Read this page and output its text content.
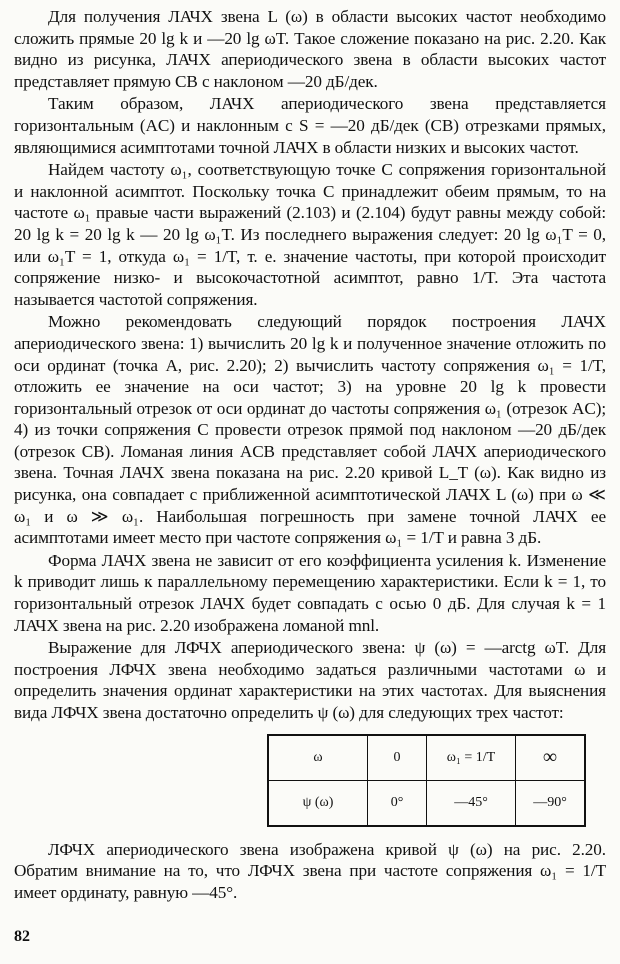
Для получения ЛАЧХ звена L (ω) в области высоких частот необходимо сложить прямые 20 lg k и —20 lg ωT. Такое сложение показано на рис. 2.20. Как видно из рисунка, ЛАЧХ апериодического звена в области высоких частот представляет прямую CB с наклоном —20 дБ/дек.

Таким образом, ЛАЧХ апериодического звена представляется горизонтальным (AC) и наклонным с S = —20 дБ/дек (CB) отрезками прямых, являющимися асимптотами точной ЛАЧХ в области низких и высоких частот.

Найдем частоту ω₁, соответствующую точке C сопряжения горизонтальной и наклонной асимптот. Поскольку точка C принадлежит обеим прямым, то на частоте ω₁ правые части выражений (2.103) и (2.104) будут равны между собой: 20 lg k = 20 lg k — 20 lg ω₁T. Из последнего выражения следует: 20 lg ω₁T = 0, или ω₁T = 1, откуда ω₁ = 1/T, т. е. значение частоты, при которой происходит сопряжение низко- и высокочастотной асимптот, равно 1/T. Эта частота называется частотой сопряжения.

Можно рекомендовать следующий порядок построения ЛАЧХ апериодического звена: 1) вычислить 20 lg k и полученное значение отложить по оси ординат (точка A, рис. 2.20); 2) вычислить частоту сопряжения ω₁ = 1/T, отложить ее значение на оси частот; 3) на уровне 20 lg k провести горизонтальный отрезок от оси ординат до частоты сопряжения ω₁ (отрезок AC); 4) из точки сопряжения C провести отрезок прямой под наклоном —20 дБ/дек (отрезок CB). Ломаная линия ACB представляет собой ЛАЧХ апериодического звена. Точная ЛАЧХ звена показана на рис. 2.20 кривой L_T (ω). Как видно из рисунка, она совпадает с приближенной асимптотической ЛАЧХ L (ω) при ω ≪ ω₁ и ω ≫ ω₁. Наибольшая погрешность при замене точной ЛАЧХ ее асимптотами имеет место при частоте сопряжения ω₁ = 1/T и равна 3 дБ.

Форма ЛАЧХ звена не зависит от его коэффициента усиления k. Изменение k приводит лишь к параллельному перемещению характеристики. Если k = 1, то горизонтальный отрезок ЛАЧХ будет совпадать с осью 0 дБ. Для случая k = 1 ЛАЧХ звена на рис. 2.20 изображена ломаной mnl.

Выражение для ЛФЧХ апериодического звена: ψ (ω) = —arctg ωT. Для построения ЛФЧХ звена необходимо задаться различными частотами ω и определить значения ординат характеристики на этих частотах. Для выяснения вида ЛФЧХ звена достаточно определить ψ (ω) для следующих трех частот:

ω	0	ω₁ = 1/T	∞
ψ (ω)	0°	—45°	—90°

ЛФЧХ апериодического звена изображена кривой ψ (ω) на рис. 2.20. Обратим внимание на то, что ЛФЧХ звена при частоте сопряжения ω₁ = 1/T имеет ординату, равную —45°.

82
